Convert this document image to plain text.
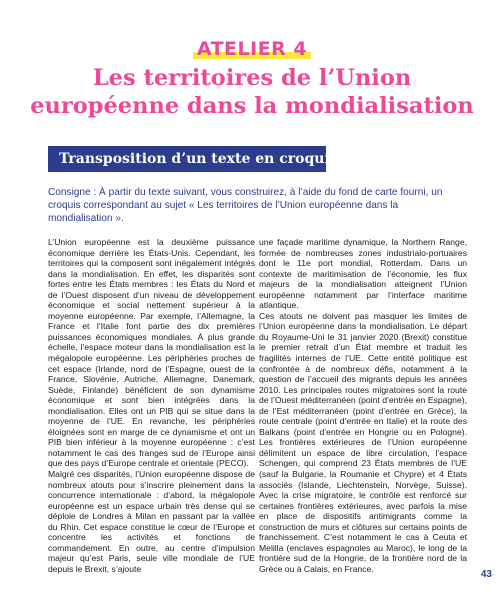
ATELIER 4
Les territoires de l’Union
européenne dans la mondialisation
Transposition d’un texte en croquis
Consigne : À partir du texte suivant, vous construirez, à l’aide du fond de carte fourni, un croquis correspondant au sujet « Les territoires de l’Union européenne dans la mondialisation ».

L’Union européenne est la deuxième puissance économique derrière les États-Unis. Cependant, les territoires qui la composent sont inégalement intégrés dans la mondialisation. En effet, les disparités sont fortes entre les États membres : les États du Nord et de l’Ouest disposent d’un niveau de développement économique et social nettement supérieur à la moyenne européenne. Par exemple, l’Allemagne, la France et l’Italie font partie des dix premières puissances économiques mondiales. À plus grande échelle, l’espace moteur dans la mondialisation est la mégalopole européenne. Les périphéries proches de cet espace (Irlande, nord de l’Espagne, ouest de la France, Slovénie, Autriche, Allemagne, Danemark, Suède, Finlande) bénéficient de son dynamisme économique et sont bien intégrées dans la mondialisation. Elles ont un PIB qui se situe dans la moyenne de l’UE. En revanche, les périphéries éloignées sont en marge de ce dynamisme et ont un PIB bien inférieur à la moyenne européenne : c’est notamment le cas des franges sud de l’Europe ainsi que des pays d’Europe centrale et orientale (PECO).

Malgré ces disparités, l’Union européenne dispose de nombreux atouts pour s’inscrire pleinement dans la concurrence internationale : d’abord, la mégalopole européenne est un espace urbain très dense qui se déploie de Londres à Milan en passant par la vallée du Rhin. Cet espace constitue le cœur de l’Europe et concentre les activités et fonctions de commandement. En outre, au centre d’impulsion majeur qu’est Paris, seule ville mondiale de l’UE depuis le Brexit, s’ajoute

une façade maritime dynamique, la Northern Range, formée de nombreuses zones industrialo-portuaires dont le 11e port mondial, Rotterdam. Dans un contexte de maritimisation de l’économie, les flux majeurs de la mondialisation atteignent l’Union européenne notamment par l’interface maritime atlantique.

Ces atouts ne doivent pas masquer les limites de l’Union européenne dans la mondialisation. Le départ du Royaume-Uni le 31 janvier 2020 (Brexit) constitue le premier retrait d’un État membre et traduit les fragilités internes de l’UE. Cette entité politique est confrontée à de nombreux défis, notamment à la question de l’accueil des migrants depuis les années 2010. Les principales routes migratoires sont la route de l’Ouest méditerranéen (point d’entrée en Espagne), de l’Est méditerranéen (point d’entrée en Grèce), la route centrale (point d’entrée en Italie) et la route des Balkans (point d’entrée en Hongrie ou en Pologne). Les frontières extérieures de l’Union européenne délimitent un espace de libre circulation, l’espace Schengen, qui comprend 23 États membres de l’UE (sauf la Bulgarie, la Roumanie et Chypre) et 4 États associés (Islande, Liechtenstein, Norvège, Suisse). Avec la crise migratoire, le contrôle est renforcé sur certaines frontières extérieures, avec parfois la mise en place de dispositifs antimigrants comme la construction de murs et clôtures sur certains points de franchissement. C’est notamment le cas à Ceuta et Melilla (enclaves espagnoles au Maroc), le long de la frontière sud de la Hongrie, de la frontière nord de la Grèce ou à Calais, en France.

43
